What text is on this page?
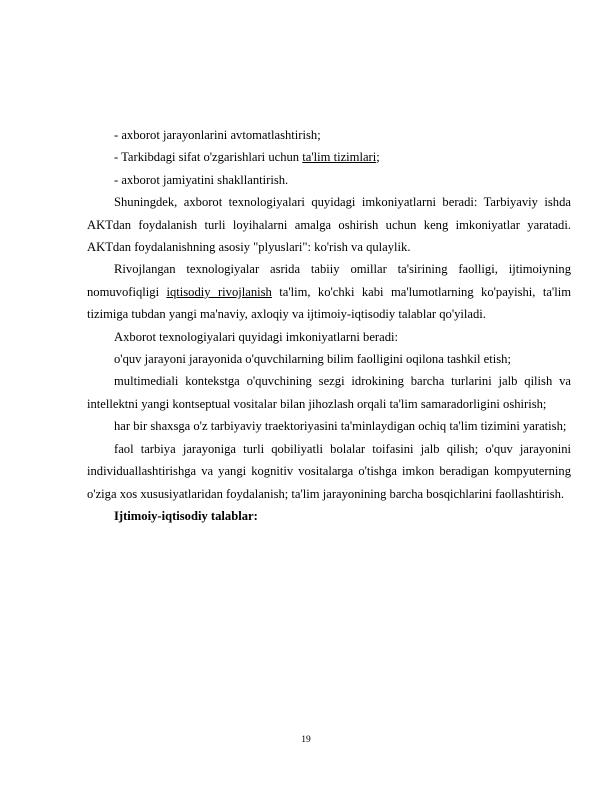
- axborot jarayonlarini avtomatlashtirish;

- Tarkibdagi sifat o'zgarishlari uchun ta'lim tizimlari;

- axborot jamiyatini shakllantirish.

Shuningdek, axborot texnologiyalari quyidagi imkoniyatlarni beradi: Tarbiyaviy ishda AKTdan foydalanish turli loyihalarni amalga oshirish uchun keng imkoniyatlar yaratadi. AKTdan foydalanishning asosiy "plyuslari": ko'rish va qulaylik.

Rivojlangan texnologiyalar asrida tabiiy omillar ta'sirining faolligi, ijtimoiyning nomuvofiqligi iqtisodiy rivojlanish ta'lim, ko'chki kabi ma'lumotlarning ko'payishi, ta'lim tizimiga tubdan yangi ma'naviy, axloqiy va ijtimoiy-iqtisodiy talablar qo'yiladi.

Axborot texnologiyalari quyidagi imkoniyatlarni beradi:

o'quv jarayoni jarayonida o'quvchilarning bilim faolligini oqilona tashkil etish;

multimediali kontekstga o'quvchining sezgi idrokining barcha turlarini jalb qilish va intellektni yangi kontseptual vositalar bilan jihozlash orqali ta'lim samaradorligini oshirish;

har bir shaxsga o'z tarbiyaviy traektoriyasini ta'minlaydigan ochiq ta'lim tizimini yaratish;

faol tarbiya jarayoniga turli qobiliyatli bolalar toifasini jalb qilish; o'quv jarayonini individuallashtirishga va yangi kognitiv vositalarga o'tishga imkon beradigan kompyuterning o'ziga xos xususiyatlaridan foydalanish; ta'lim jarayonining barcha bosqichlarini faollashtirish.

Ijtimoiy-iqtisodiy talablar:

19
